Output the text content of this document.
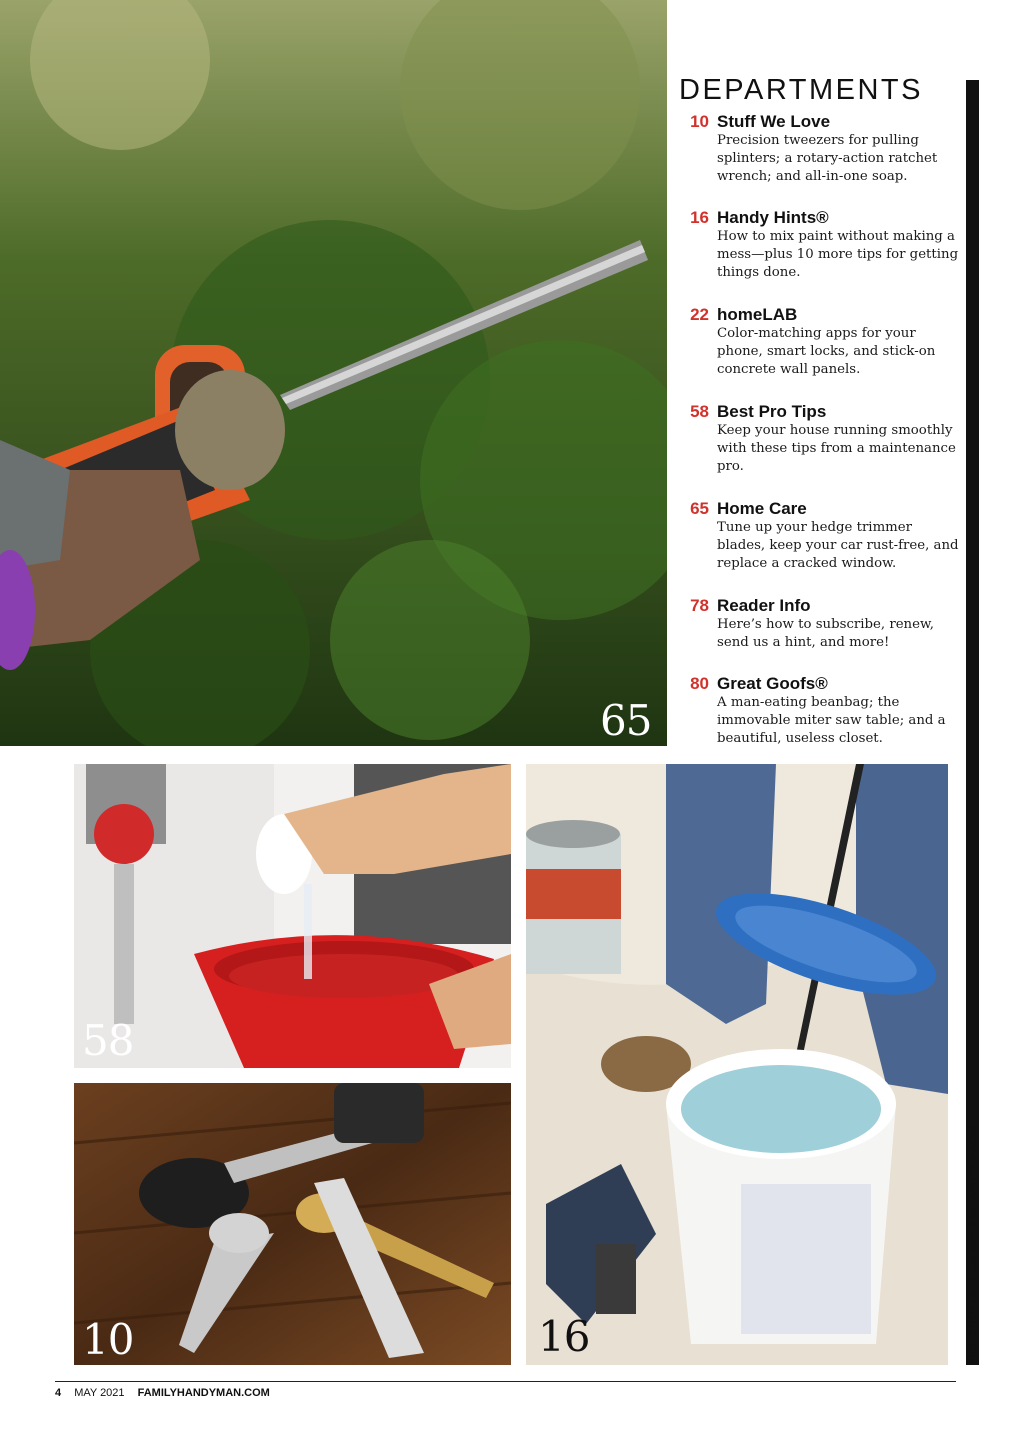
65
58
10	16
DEPARTMENTS
10 Stuff We Love
Precision tweezers for pulling splinters; a rotary-action ratchet wrench; and all-in-one soap.
16 Handy Hints®
How to mix paint without making a mess—plus 10 more tips for getting things done.
22 homeLAB
Color-matching apps for your phone, smart locks, and stick-on concrete wall panels.
58 Best Pro Tips
Keep your house running smoothly with these tips from a maintenance pro.
65 Home Care
Tune up your hedge trimmer blades, keep your car rust-free, and replace a cracked window.
78 Reader Info
Here’s how to subscribe, renew, send us a hint, and more!
80 Great Goofs®
A man-eating beanbag; the immovable miter saw table; and a beautiful, useless closet.
PHOTO (TOP LEFT): JOHNNY GRIEG/GETTY IMAGES
4 MAY 2021 FAMILYHANDYMAN.COM
